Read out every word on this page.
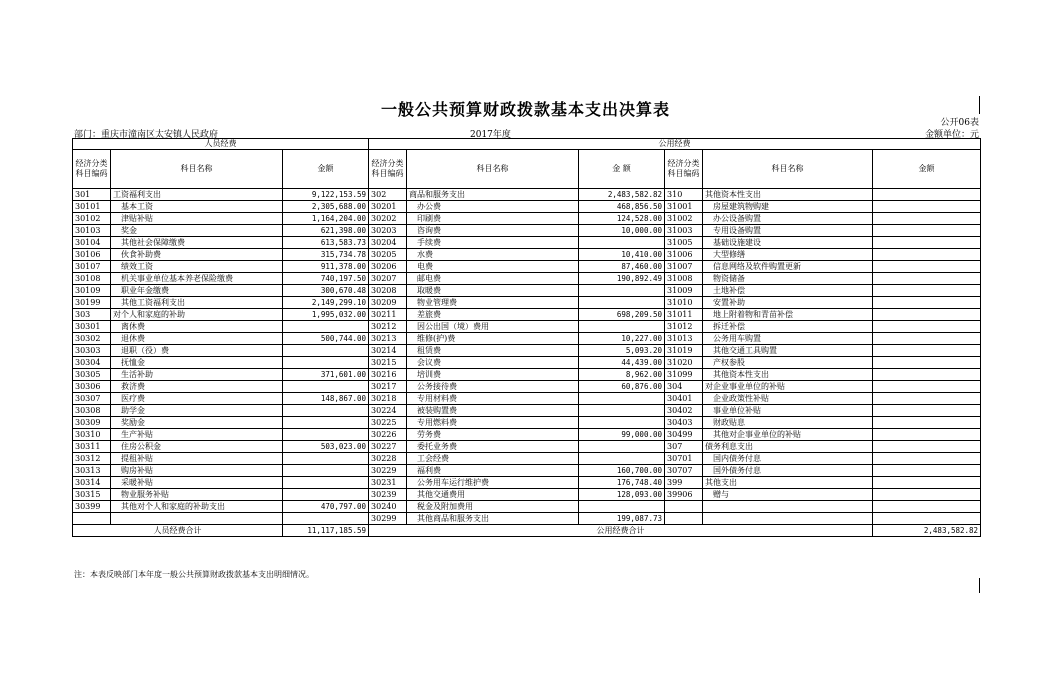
一般公共预算财政拨款基本支出决算表
公开06表
部门：重庆市潼南区太安镇人民政府	2017年度	金额单位：元
人员经费			公用经费					
经济分类科目编码	科目名称	金额	经济分类科目编码	科目名称	金 额	经济分类科目编码	科目名称	金额
301	工资福利支出	9,122,153.59	302	商品和服务支出	2,483,582.82	310	其他资本性支出	
30101	基本工资	2,305,688.00	30201	办公费	468,856.50	31001	房屋建筑物购建	
30102	津贴补贴	1,164,204.00	30202	印刷费	124,528.00	31002	办公设备购置	
30103	奖金	621,398.00	30203	咨询费	10,000.00	31003	专用设备购置	
30104	其他社会保障缴费	613,583.73	30204	手续费		31005	基础设施建设	
30106	伙食补助费	315,734.78	30205	水费	10,410.00	31006	大型修缮	
30107	绩效工资	911,378.00	30206	电费	87,460.00	31007	信息网络及软件购置更新	
30108	机关事业单位基本养老保险缴费	740,197.50	30207	邮电费	190,892.49	31008	物资储备	
30109	职业年金缴费	300,670.48	30208	取暖费		31009	土地补偿	
30199	其他工资福利支出	2,149,299.10	30209	物业管理费		31010	安置补助	
303	对个人和家庭的补助	1,995,032.00	30211	差旅费	698,209.50	31011	地上附着物和青苗补偿	
30301	离休费		30212	因公出国（境）费用		31012	拆迁补偿	
30302	退休费	500,744.00	30213	维修(护)费	10,227.00	31013	公务用车购置	
30303	退职（役）费		30214	租赁费	5,093.20	31019	其他交通工具购置	
30304	抚恤金		30215	会议费	44,439.00	31020	产权参股	
30305	生活补助	371,601.00	30216	培训费	8,962.00	31099	其他资本性支出	
30306	救济费		30217	公务接待费	60,876.00	304	对企业事业单位的补贴	
30307	医疗费	148,867.00	30218	专用材料费		30401	企业政策性补贴	
30308	助学金		30224	被装购置费		30402	事业单位补贴	
30309	奖励金		30225	专用燃料费		30403	财政贴息	
30310	生产补贴		30226	劳务费	99,000.00	30499	其他对企事业单位的补贴	
30311	住房公积金	503,023.00	30227	委托业务费		307	债务利息支出	
30312	提租补贴		30228	工会经费		30701	国内债务付息	
30313	购房补贴		30229	福利费	160,700.00	30707	国外债务付息	
30314	采暖补贴		30231	公务用车运行维护费	176,748.40	399	其他支出	
30315	物业服务补贴		30239	其他交通费用	128,093.00	39906	赠与	
30399	其他对个人和家庭的补助支出	470,797.00	30240	税金及附加费用				
			30299	其他商品和服务支出	199,087.73			
人员经费合计		11,117,185.59	公用经费合计					2,483,582.82
注：本表反映部门本年度一般公共预算财政拨款基本支出明细情况。
